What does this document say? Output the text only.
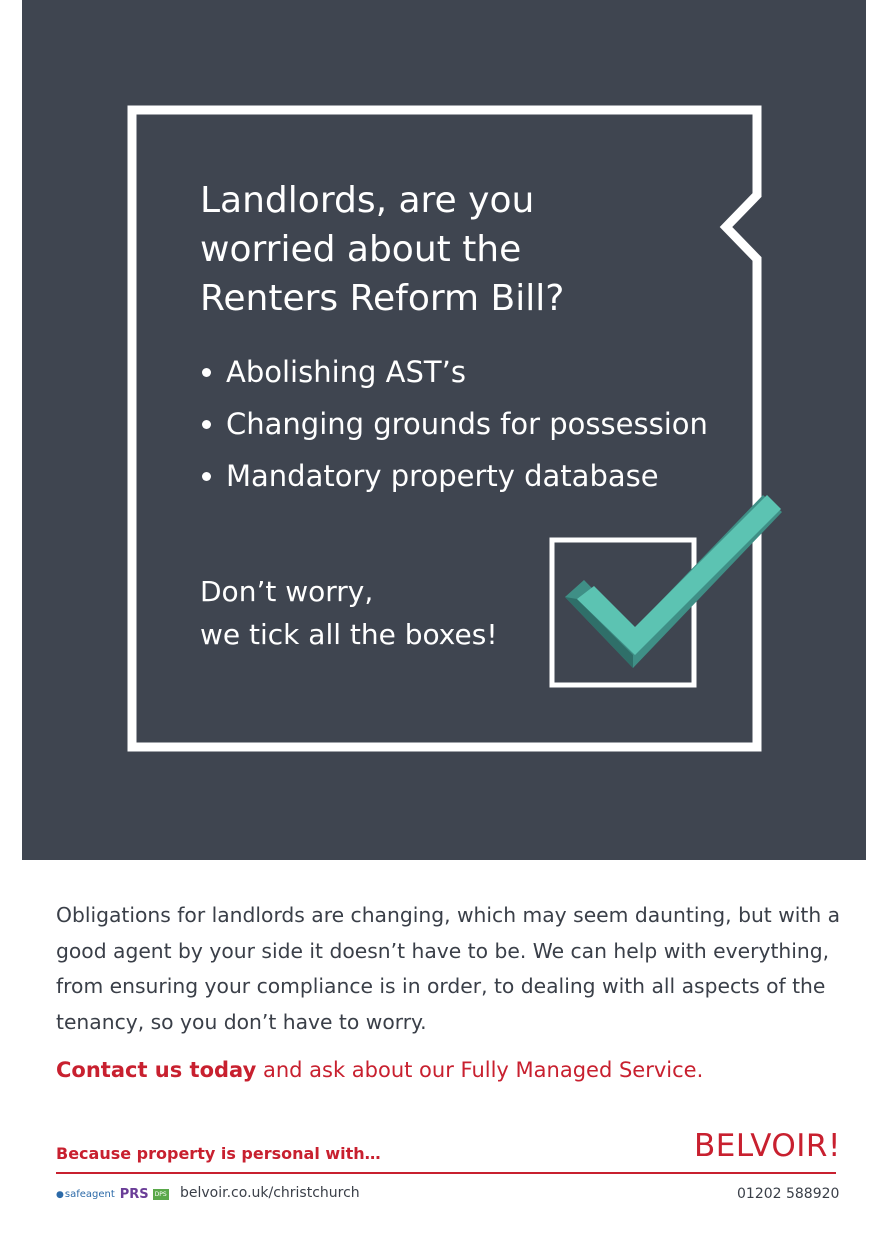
Landlords, are you
worried about the
Renters Reform Bill?
Abolishing AST’s
Changing grounds for possession
Mandatory property database
Don’t worry,
we tick all the boxes!

Obligations for landlords are changing, which may seem daunting, but with a good agent by your side it doesn’t have to be. We can help with everything, from ensuring your compliance is in order, to dealing with all aspects of the tenancy, so you don’t have to worry.

Contact us today and ask about our Fully Managed Service.

Because property is personal with…	BELVOIR!
● safeagent PRS	DPS belvoir.co.uk/christchurch	01202 588920
